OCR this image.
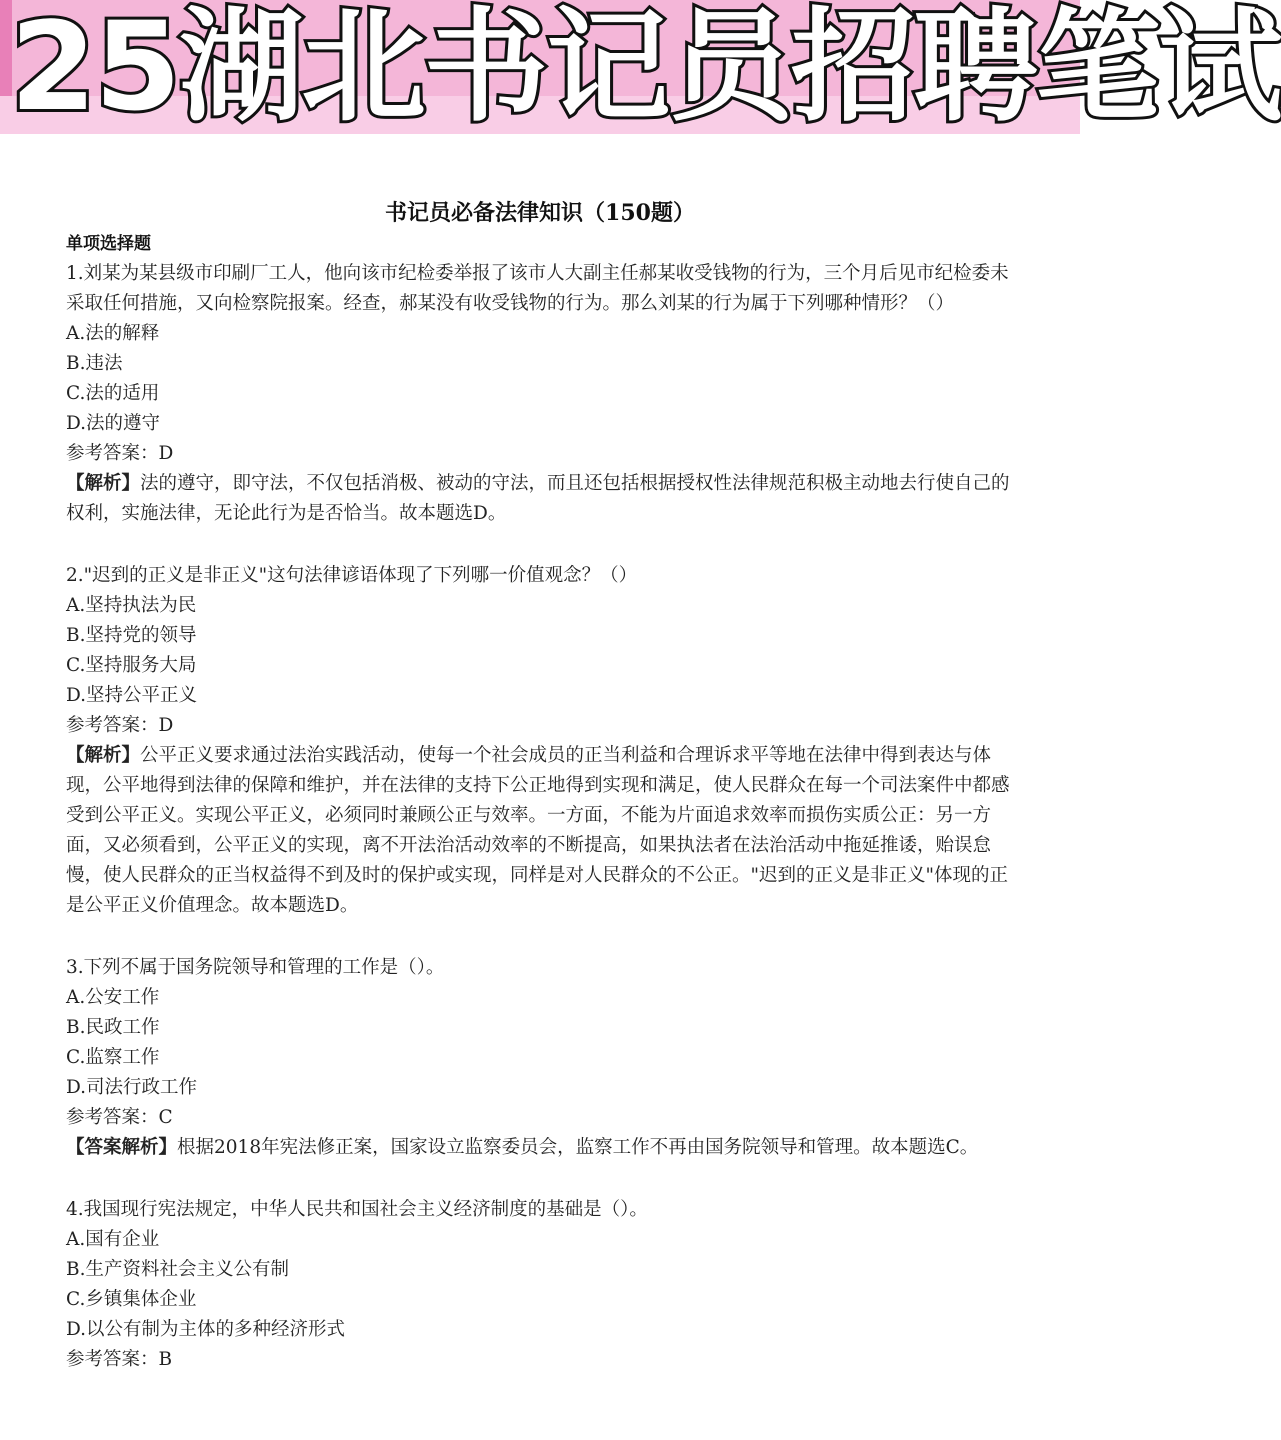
25湖北书记员招聘笔试
书记员必备法律知识（150题）
单项选择题
1.刘某为某县级市印刷厂工人，他向该市纪检委举报了该市人大副主任郝某收受钱物的行为，三个月后见市纪检委未采取任何措施，又向检察院报案。经查，郝某没有收受钱物的行为。那么刘某的行为属于下列哪种情形？（）
A.法的解释
B.违法
C.法的适用
D.法的遵守
参考答案：D
【解析】法的遵守，即守法，不仅包括消极、被动的守法，而且还包括根据授权性法律规范积极主动地去行使自己的权利，实施法律，无论此行为是否恰当。故本题选D。
2."迟到的正义是非正义"这句法律谚语体现了下列哪一价值观念？（）
A.坚持执法为民
B.坚持党的领导
C.坚持服务大局
D.坚持公平正义
参考答案：D
【解析】公平正义要求通过法治实践活动，使每一个社会成员的正当利益和合理诉求平等地在法律中得到表达与体现，公平地得到法律的保障和维护，并在法律的支持下公正地得到实现和满足，使人民群众在每一个司法案件中都感受到公平正义。实现公平正义，必须同时兼顾公正与效率。一方面，不能为片面追求效率而损伤实质公正：另一方面，又必须看到，公平正义的实现，离不开法治活动效率的不断提高，如果执法者在法治活动中拖延推诿，贻误怠慢，使人民群众的正当权益得不到及时的保护或实现，同样是对人民群众的不公正。"迟到的正义是非正义"体现的正是公平正义价值理念。故本题选D。
3.下列不属于国务院领导和管理的工作是（）。
A.公安工作
B.民政工作
C.监察工作
D.司法行政工作
参考答案：C
【答案解析】根据2018年宪法修正案，国家设立监察委员会，监察工作不再由国务院领导和管理。故本题选C。
4.我国现行宪法规定，中华人民共和国社会主义经济制度的基础是（）。
A.国有企业
B.生产资料社会主义公有制
C.乡镇集体企业
D.以公有制为主体的多种经济形式
参考答案：B
